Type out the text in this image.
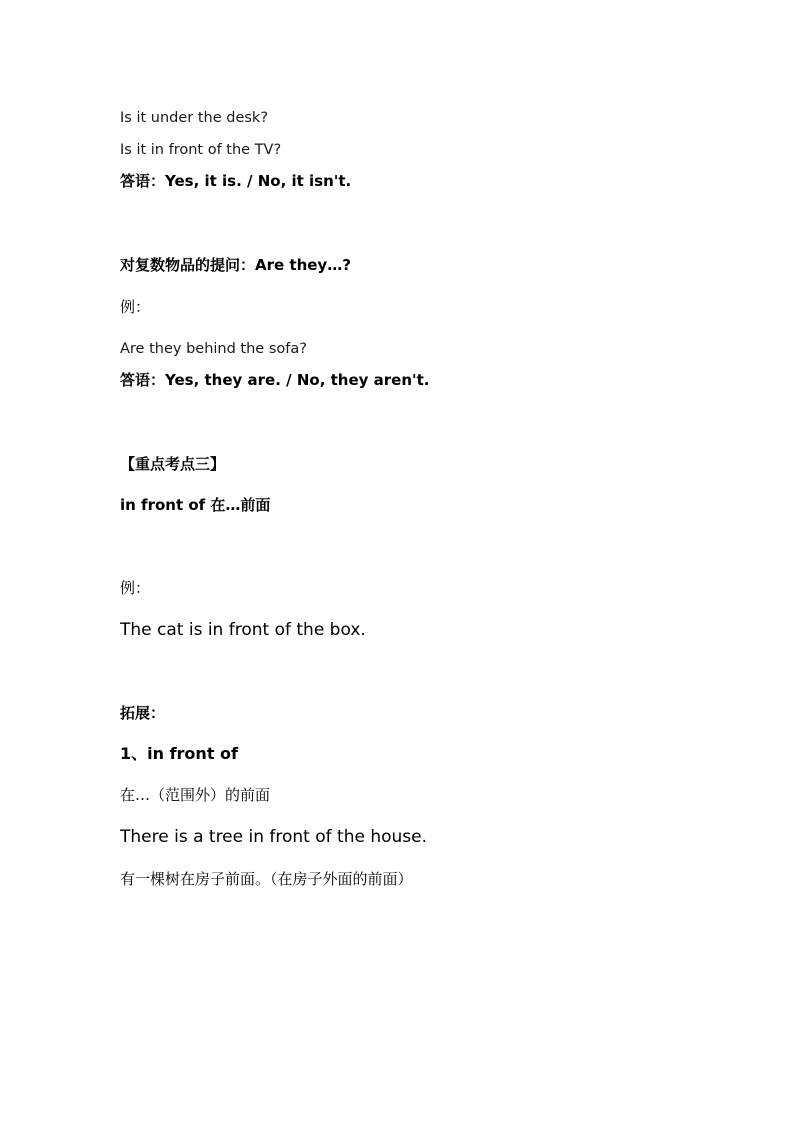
Is it under the desk?
Is it in front of the TV?
答语：Yes, it is. / No, it isn't.
对复数物品的提问：Are they…?
例：
Are they behind the sofa?
答语：Yes, they are. / No, they aren't.
【重点考点三】
in front of 在…前面
例：
The cat is in front of the box.
拓展：
1、in front of
在…（范围外）的前面
There is a tree in front of the house.
有一棵树在房子前面。（在房子外面的前面）
